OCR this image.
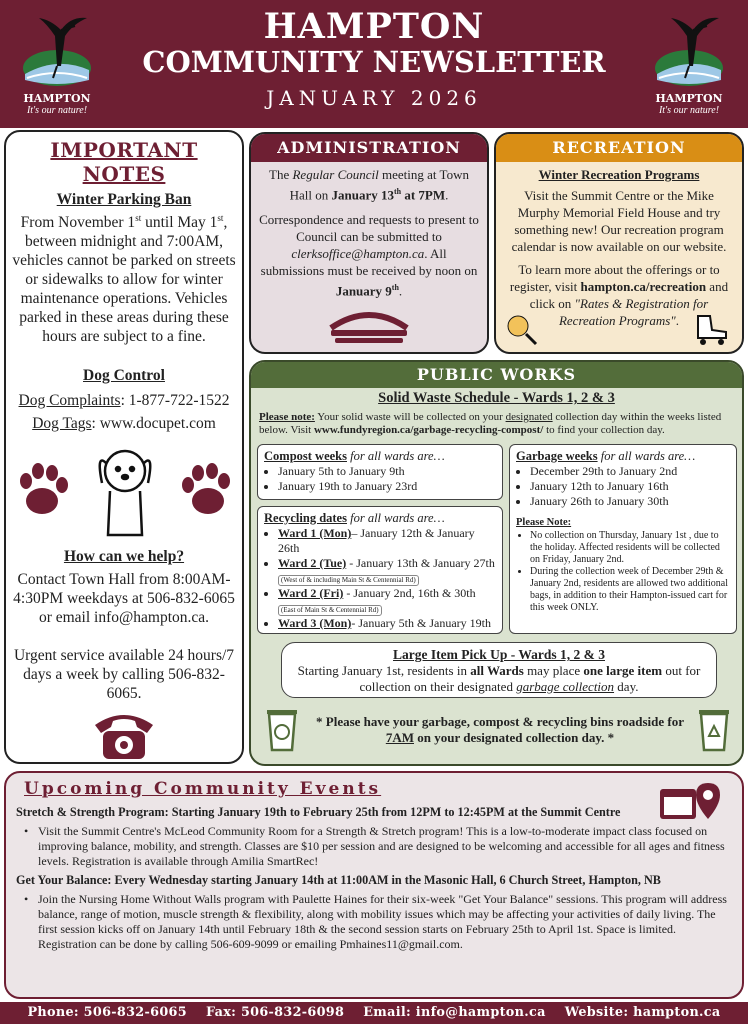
HAMPTON
It's our nature!
HAMPTON
COMMUNITY NEWSLETTER
JANUARY 2026	HAMPTON
It's our nature!
IMPORTANT NOTES

Winter Parking Ban

From November 1st until May 1st, between midnight and 7:00AM, vehicles cannot be parked on streets or sidewalks to allow for winter maintenance operations. Vehicles parked in these areas during these hours are subject to a fine.

Dog Control

Dog Complaints: 1-877-722-1522

Dog Tags: www.docupet.com

How can we help?

Contact Town Hall from 8:00AM-4:30PM weekdays at 506-832-6065 or email info@hampton.ca.

Urgent service available 24 hours/7 days a week by calling 506-832-6065.

ADMINISTRATION
The Regular Council meeting at Town Hall on January 13th at 7PM.
Correspondence and requests to present to Council can be submitted to clerksoffice@hampton.ca. All submissions must be received by noon on January 9th.
RECREATION
Winter Recreation Programs
Visit the Summit Centre or the Mike Murphy Memorial Field House and try something new! Our recreation program calendar is now available on our website.
To learn more about the offerings or to register, visit hampton.ca/recreation and click on "Rates & Registration for Recreation Programs".
PUBLIC WORKS
Solid Waste Schedule - Wards 1, 2 & 3
Please note: Your solid waste will be collected on your designated collection day within the weeks listed below. Visit www.fundyregion.ca/garbage-recycling-compost/ to find your collection day.
Compost weeks for all wards are…
• January 5th to January 9th
• January 19th to January 23rd
Recycling dates for all wards are…
• Ward 1 (Mon)– January 12th & January 26th
• Ward 2 (Tue) - January 13th & January 27th
(West of & including Main St & Centennial Rd)
• Ward 2 (Fri) - January 2nd, 16th & 30th
(East of Main St & Centennial Rd)
• Ward 3 (Mon)- January 5th & January 19th
Garbage weeks for all wards are…
• December 29th to January 2nd
• January 12th to January 16th
• January 26th to January 30th
Please Note:
• No collection on Thursday, January 1st , due to the holiday. Affected residents will be collected on Friday, January 2nd.
• During the collection week of December 29th & January 2nd, residents are allowed two additional bags, in addition to their Hampton-issued cart for this week ONLY.
Large Item Pick Up - Wards 1, 2 & 3
Starting January 1st, residents in all Wards may place one large item out for collection on their designated garbage collection day.
* Please have your garbage, compost & recycling bins roadside for 7AM on your designated collection day. *
Upcoming Community Events
Stretch & Strength Program: Starting January 19th to February 25th from 12PM to 12:45PM at the Summit Centre
• Visit the Summit Centre's McLeod Community Room for a Strength & Stretch program! This is a low-to-moderate impact class focused on improving balance, mobility, and strength. Classes are $10 per session and are designed to be welcoming and accessible for all ages and fitness levels. Registration is available through Amilia SmartRec!
Get Your Balance: Every Wednesday starting January 14th at 11:00AM in the Masonic Hall, 6 Church Street, Hampton, NB
• Join the Nursing Home Without Walls program with Paulette Haines for their six-week "Get Your Balance" sessions. This program will address balance, range of motion, muscle strength & flexibility, along with mobility issues which may be affecting your activities of daily living. The first session kicks off on January 14th until February 18th & the second session starts on February 25th to April 1st. Space is limited. Registration can be done by calling 506-609-9099 or emailing Pmhaines11@gmail.com.
Phone: 506-832-6065    Fax: 506-832-6098    Email: info@hampton.ca    Website: hampton.ca
